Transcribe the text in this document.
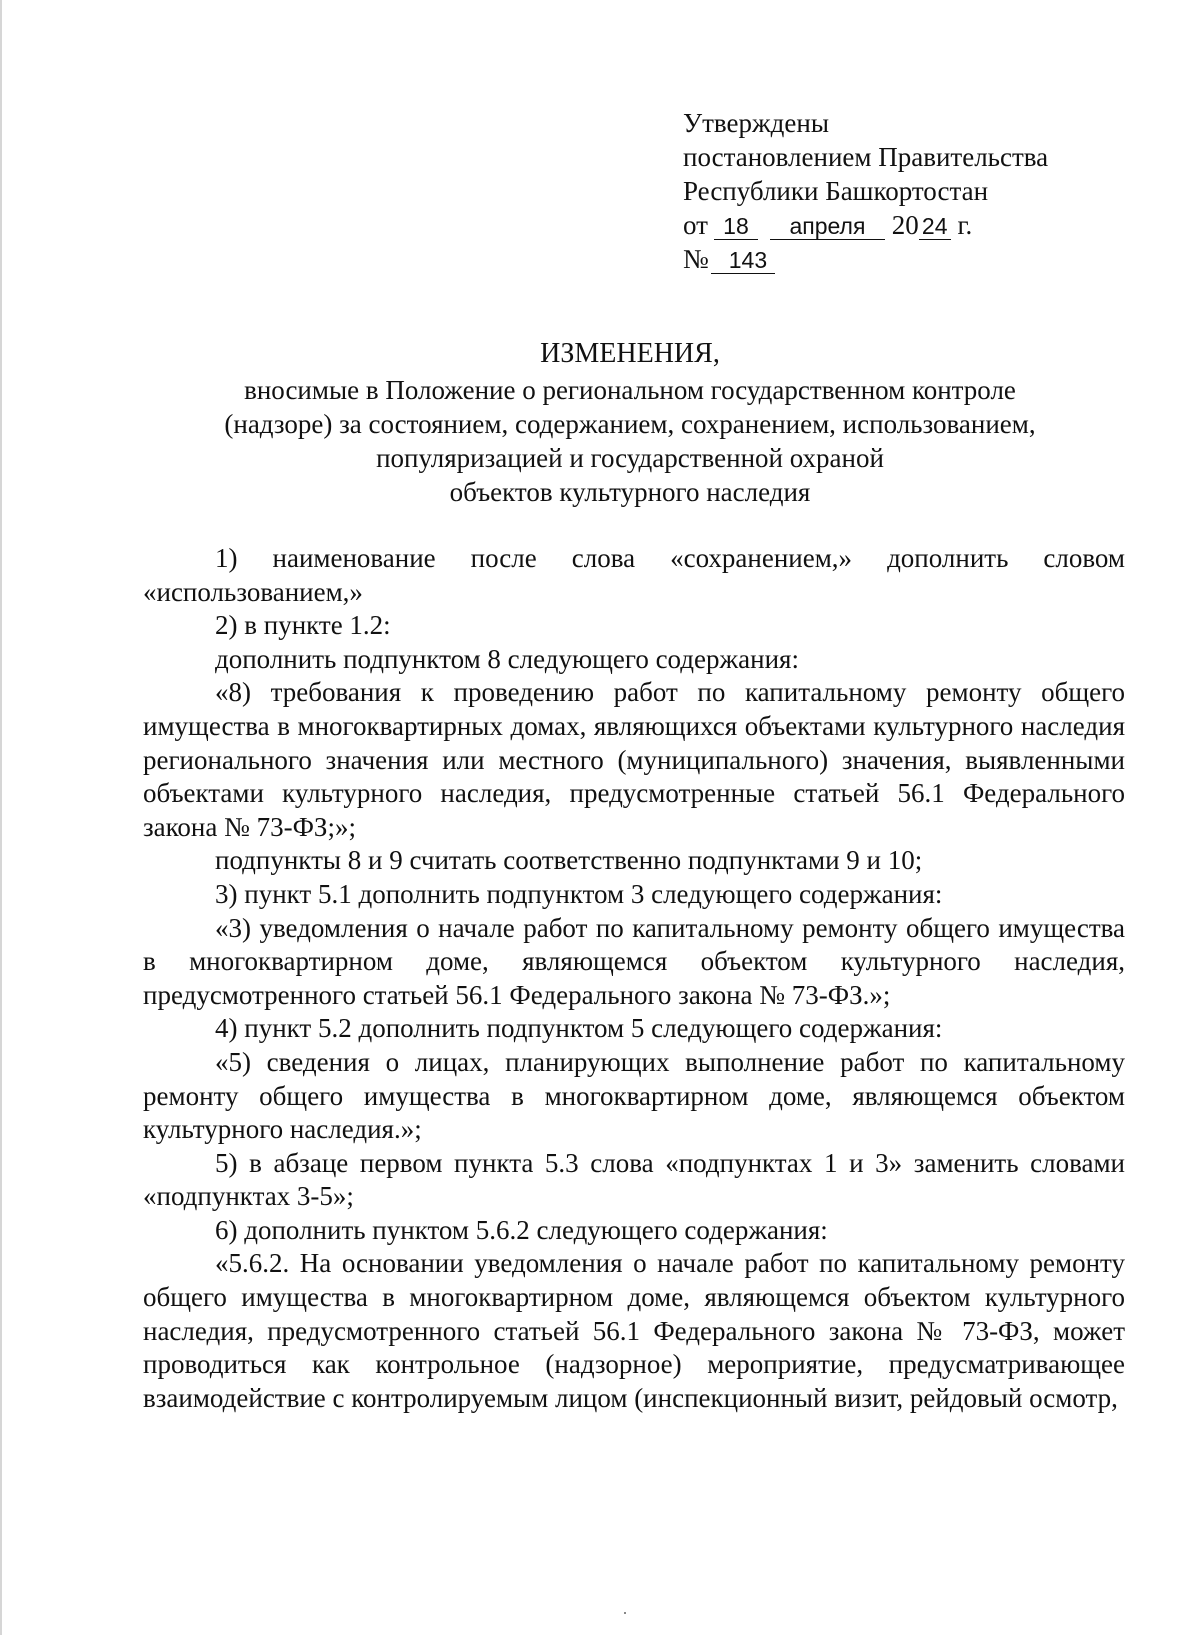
Утверждены
постановлением Правительства
Республики Башкортостан
от 18 апреля 20 24 г.
№ 143
ИЗМЕНЕНИЯ,
вносимые в Положение о региональном государственном контроле
(надзоре) за состоянием, содержанием, сохранением, использованием,
популяризацией и государственной охраной
объектов культурного наследия

1) наименование после слова «сохранением,» дополнить словом «использованием,»

2) в пункте 1.2:

дополнить подпунктом 8 следующего содержания:

«8) требования к проведению работ по капитальному ремонту общего имущества в многоквартирных домах, являющихся объектами культурного наследия регионального значения или местного (муниципального) значения, выявленными объектами культурного наследия, предусмотренные статьей 56.1 Федерального закона № 73-ФЗ;»;

подпункты 8 и 9 считать соответственно подпунктами 9 и 10;

3) пункт 5.1 дополнить подпунктом 3 следующего содержания:

«3) уведомления о начале работ по капитальному ремонту общего имущества в многоквартирном доме, являющемся объектом культурного наследия, предусмотренного статьей 56.1 Федерального закона № 73-ФЗ.»;

4) пункт 5.2 дополнить подпунктом 5 следующего содержания:

«5) сведения о лицах, планирующих выполнение работ по капитальному ремонту общего имущества в многоквартирном доме, являющемся объектом культурного наследия.»;

5) в абзаце первом пункта 5.3 слова «подпунктах 1 и 3» заменить словами «подпунктах 3-5»;

6) дополнить пунктом 5.6.2 следующего содержания:

«5.6.2. На основании уведомления о начале работ по капитальному ремонту общего имущества в многоквартирном доме, являющемся объектом культурного наследия, предусмотренного статьей 56.1 Федерального закона № 73-ФЗ, может проводиться как контрольное (надзорное) мероприятие, предусматривающее взаимодействие с контролируемым лицом (инспекционный визит, рейдовый осмотр,
